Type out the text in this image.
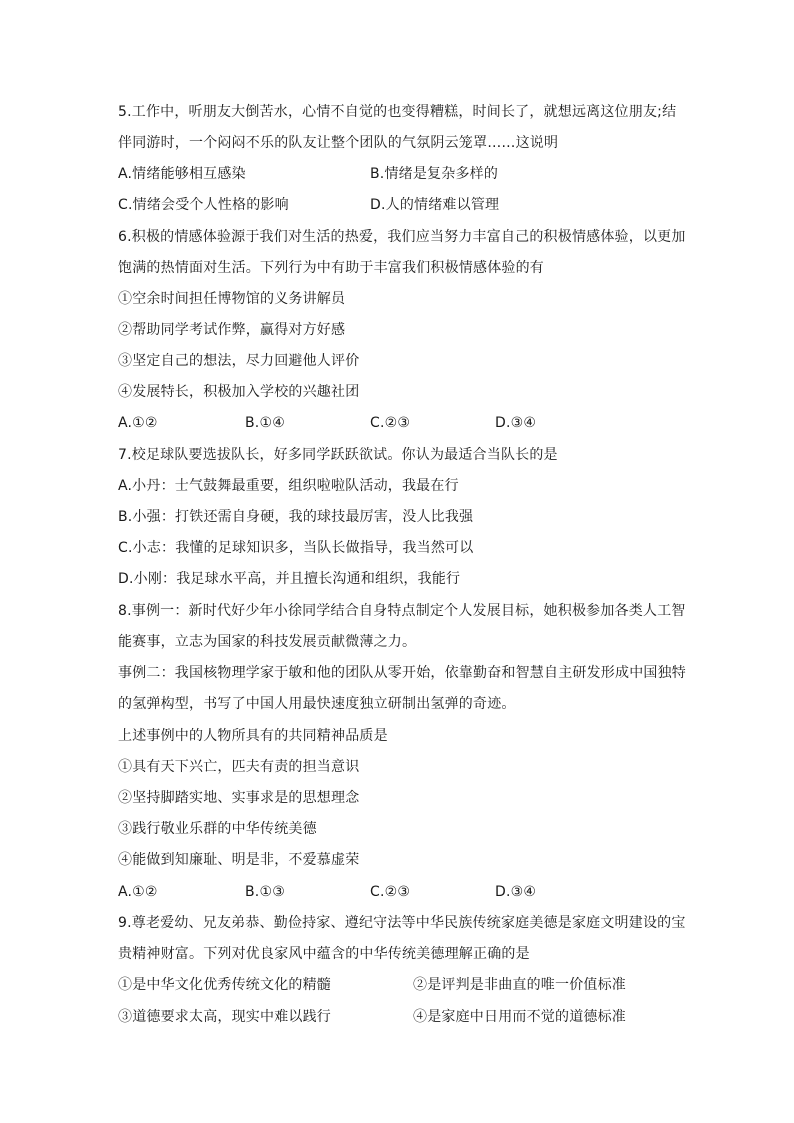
5.工作中，听朋友大倒苦水，心情不自觉的也变得糟糕，时间长了，就想远离这位朋友;结
伴同游时，一个闷闷不乐的队友让整个团队的气氛阴云笼罩……这说明
A.情绪能够相互感染	B.情绪是复杂多样的
C.情绪会受个人性格的影响	D.人的情绪难以管理
6.积极的情感体验源于我们对生活的热爱，我们应当努力丰富自己的积极情感体验，以更加
饱满的热情面对生活。下列行为中有助于丰富我们积极情感体验的有
①空余时间担任博物馆的义务讲解员
②帮助同学考试作弊，赢得对方好感
③坚定自己的想法，尽力回避他人评价
④发展特长，积极加入学校的兴趣社团
A.①②	B.①④	C.②③	D.③④
7.校足球队要选拔队长，好多同学跃跃欲试。你认为最适合当队长的是
A.小丹：士气鼓舞最重要，组织啦啦队活动，我最在行
B.小强：打铁还需自身硬，我的球技最厉害，没人比我强
C.小志：我懂的足球知识多，当队长做指导，我当然可以
D.小刚：我足球水平高，并且擅长沟通和组织，我能行
8.事例一：新时代好少年小徐同学结合自身特点制定个人发展目标，她积极参加各类人工智
能赛事，立志为国家的科技发展贡献微薄之力。
事例二：我国核物理学家于敏和他的团队从零开始，依靠勤奋和智慧自主研发形成中国独特
的氢弹构型，书写了中国人用最快速度独立研制出氢弹的奇迹。
上述事例中的人物所具有的共同精神品质是
①具有天下兴亡，匹夫有责的担当意识
②坚持脚踏实地、实事求是的思想理念
③践行敬业乐群的中华传统美德
④能做到知廉耻、明是非，不爱慕虚荣
A.①②	B.①③	C.②③	D.③④
9.尊老爱幼、兄友弟恭、勤俭持家、遵纪守法等中华民族传统家庭美德是家庭文明建设的宝
贵精神财富。下列对优良家风中蕴含的中华传统美德理解正确的是
①是中华文化优秀传统文化的精髓	②是评判是非曲直的唯一价值标准
③道德要求太高，现实中难以践行	④是家庭中日用而不觉的道德标准
